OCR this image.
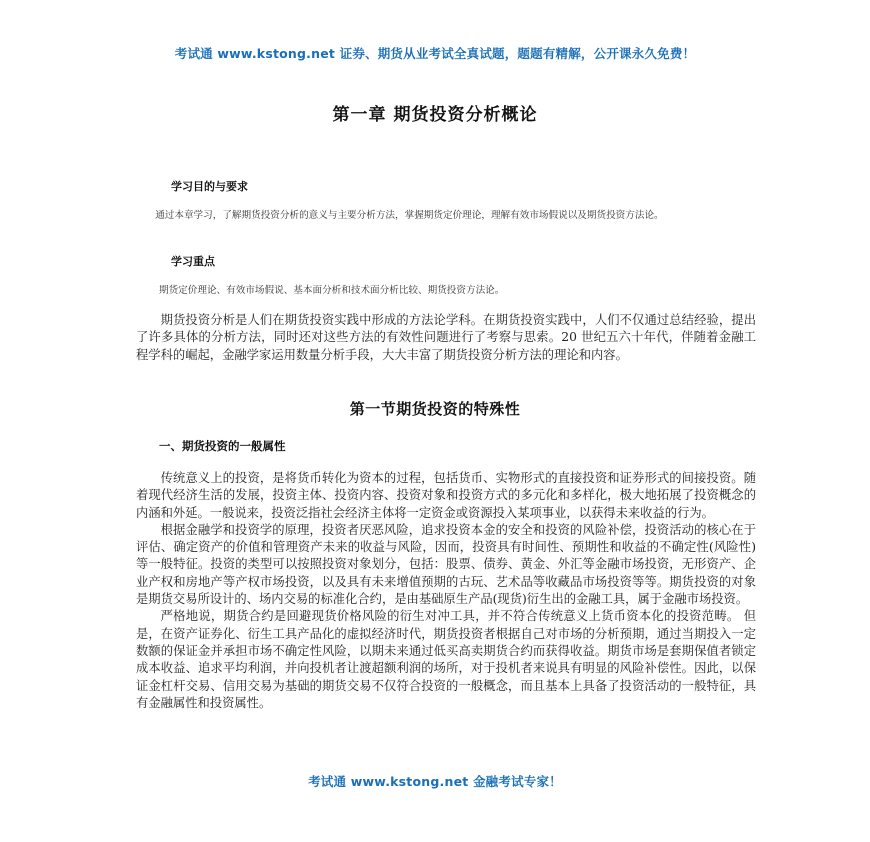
考试通 www.kstong.net 证券、期货从业考试全真试题，题题有精解，公开课永久免费！
第一章 期货投资分析概论
学习目的与要求
通过本章学习，了解期货投资分析的意义与主要分析方法，掌握期货定价理论，理解有效市场假说以及期货投资方法论。
学习重点
期货定价理论、有效市场假说、基本面分析和技术面分析比较、期货投资方法论。
期货投资分析是人们在期货投资实践中形成的方法论学科。在期货投资实践中，人们不仅通过总结经验，提出了许多具体的分析方法，同时还对这些方法的有效性问题进行了考察与思索。20 世纪五六十年代，伴随着金融工程学科的崛起，金融学家运用数量分析手段，大大丰富了期货投资分析方法的理论和内容。
第一节期货投资的特殊性
一、期货投资的一般属性

传统意义上的投资，是将货币转化为资本的过程，包括货币、实物形式的直接投资和证券形式的间接投资。随着现代经济生活的发展，投资主体、投资内容、投资对象和投资方式的多元化和多样化，极大地拓展了投资概念的内涵和外延。一般说来，投资泛指社会经济主体将一定资金或资源投入某项事业，以获得未来收益的行为。

根据金融学和投资学的原理，投资者厌恶风险，追求投资本金的安全和投资的风险补偿，投资活动的核心在于评估、确定资产的价值和管理资产未来的收益与风险，因而，投资具有时间性、预期性和收益的不确定性(风险性)等一般特征。投资的类型可以按照投资对象划分，包括：股票、债券、黄金、外汇等金融市场投资，无形资产、企业产权和房地产等产权市场投资，以及具有未来增值预期的古玩、艺术品等收藏品市场投资等等。期货投资的对象是期货交易所设计的、场内交易的标准化合约，是由基础原生产品(现货)衍生出的金融工具，属于金融市场投资。

严格地说，期货合约是回避现货价格风险的衍生对冲工具，并不符合传统意义上货币资本化的投资范畴。 但是，在资产证券化、衍生工具产品化的虚拟经济时代，期货投资者根据自己对市场的分析预期，通过当期投入一定数额的保证金并承担市场不确定性风险，以期未来通过低买高卖期货合约而获得收益。期货市场是套期保值者锁定成本收益、追求平均利润，并向投机者让渡超额利润的场所，对于投机者来说具有明显的风险补偿性。因此，以保证金杠杆交易、信用交易为基础的期货交易不仅符合投资的一般概念，而且基本上具备了投资活动的一般特征，具有金融属性和投资属性。

考试通 www.kstong.net 金融考试专家！
